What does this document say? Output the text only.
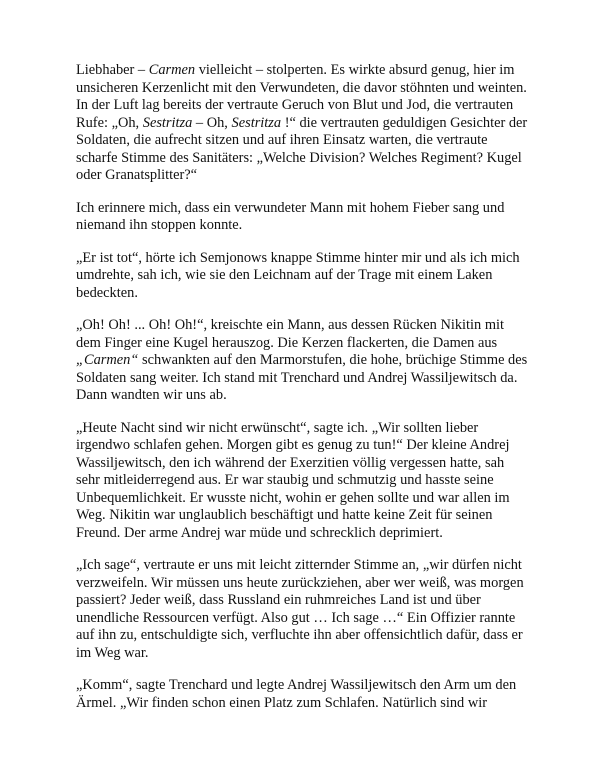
Liebhaber – Carmen vielleicht – stolperten. Es wirkte absurd genug, hier im unsicheren Kerzenlicht mit den Verwundeten, die davor stöhnten und weinten. In der Luft lag bereits der vertraute Geruch von Blut und Jod, die vertrauten Rufe: „Oh, Sestritza – Oh, Sestritza !“ die vertrauten geduldigen Gesichter der Soldaten, die aufrecht sitzen und auf ihren Einsatz warten, die vertraute scharfe Stimme des Sanitäters: „Welche Division? Welches Regiment? Kugel oder Granatsplitter?“

Ich erinnere mich, dass ein verwundeter Mann mit hohem Fieber sang und niemand ihn stoppen konnte.

„Er ist tot“, hörte ich Semjonows knappe Stimme hinter mir und als ich mich umdrehte, sah ich, wie sie den Leichnam auf der Trage mit einem Laken bedeckten.

„Oh! Oh! ... Oh! Oh!“, kreischte ein Mann, aus dessen Rücken Nikitin mit dem Finger eine Kugel herauszog. Die Kerzen flackerten, die Damen aus „Carmen“ schwankten auf den Marmorstufen, die hohe, brüchige Stimme des Soldaten sang weiter. Ich stand mit Trenchard und Andrej Wassiljewitsch da. Dann wandten wir uns ab.

„Heute Nacht sind wir nicht erwünscht“, sagte ich. „Wir sollten lieber irgendwo schlafen gehen. Morgen gibt es genug zu tun!“ Der kleine Andrej Wassiljewitsch, den ich während der Exerzitien völlig vergessen hatte, sah sehr mitleiderregend aus. Er war staubig und schmutzig und hasste seine Unbequemlichkeit. Er wusste nicht, wohin er gehen sollte und war allen im Weg. Nikitin war unglaublich beschäftigt und hatte keine Zeit für seinen Freund. Der arme Andrej war müde und schrecklich deprimiert.

„Ich sage“, vertraute er uns mit leicht zitternder Stimme an, „wir dürfen nicht verzweifeln. Wir müssen uns heute zurückziehen, aber wer weiß, was morgen passiert? Jeder weiß, dass Russland ein ruhmreiches Land ist und über unendliche Ressourcen verfügt. Also gut … Ich sage …“ Ein Offizier rannte auf ihn zu, entschuldigte sich, verfluchte ihn aber offensichtlich dafür, dass er im Weg war.

„Komm“, sagte Trenchard und legte Andrej Wassiljewitsch den Arm um den Ärmel. „Wir finden schon einen Platz zum Schlafen. Natürlich sind wir
